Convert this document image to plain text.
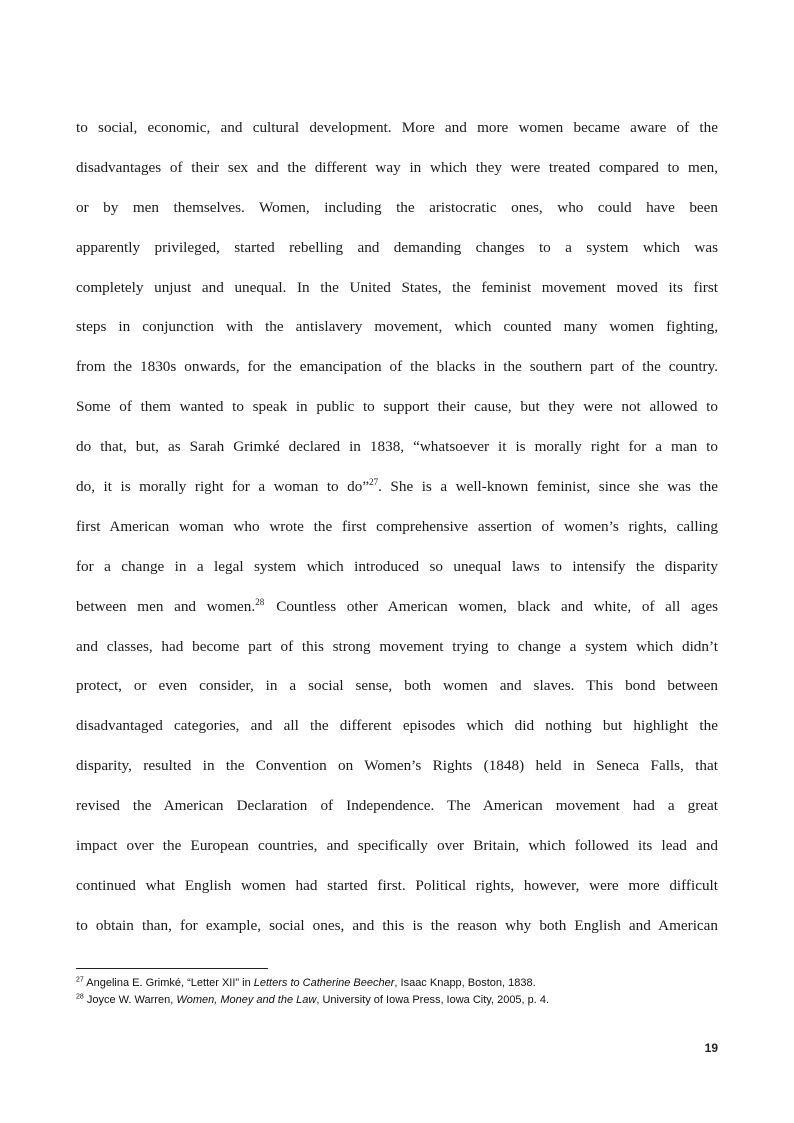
to social, economic, and cultural development. More and more women became aware of the
disadvantages of their sex and the different way in which they were treated compared to men,
or by men themselves. Women, including the aristocratic ones, who could have been
apparently privileged, started rebelling and demanding changes to a system which was
completely unjust and unequal. In the United States, the feminist movement moved its first
steps in conjunction with the antislavery movement, which counted many women fighting,
from the 1830s onwards, for the emancipation of the blacks in the southern part of the country.
Some of them wanted to speak in public to support their cause, but they were not allowed to
do that, but, as Sarah Grimké declared in 1838, “whatsoever it is morally right for a man to
do, it is morally right for a woman to do”$^{27}$. She is a well-known feminist, since she was the
first American woman who wrote the first comprehensive assertion of women’s rights, calling
for a change in a legal system which introduced so unequal laws to intensify the disparity
between men and women.$^{28}$ Countless other American women, black and white, of all ages
and classes, had become part of this strong movement trying to change a system which didn’t
protect, or even consider, in a social sense, both women and slaves. This bond between
disadvantaged categories, and all the different episodes which did nothing but highlight the
disparity, resulted in the Convention on Women’s Rights (1848) held in Seneca Falls, that
revised the American Declaration of Independence. The American movement had a great
impact over the European countries, and specifically over Britain, which followed its lead and
continued what English women had started first. Political rights, however, were more difficult
to obtain than, for example, social ones, and this is the reason why both English and American
$^{27}$ Angelina E. Grimké, “Letter XII” in Letters to Catherine Beecher, Isaac Knapp, Boston, 1838.
$^{28}$ Joyce W. Warren, Women, Money and the Law, University of Iowa Press, Iowa City, 2005, p. 4.
19
